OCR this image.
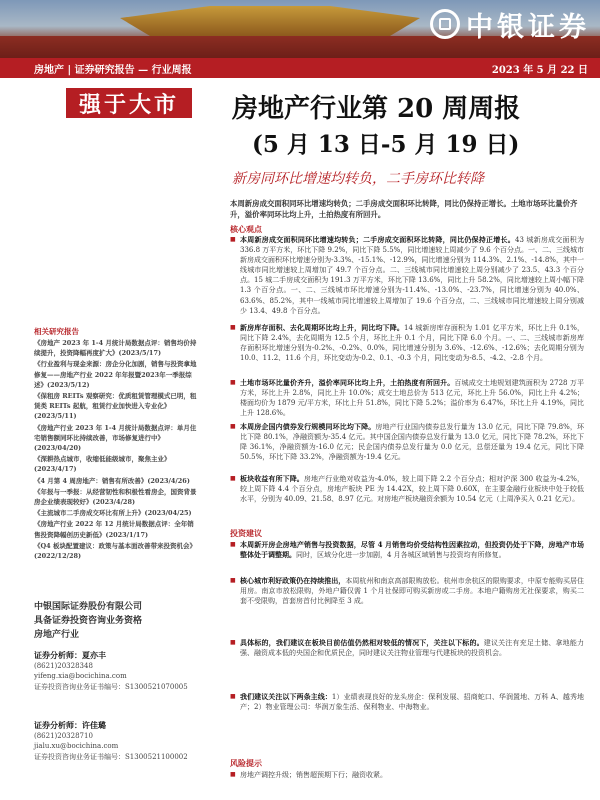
中银证券
房地产 | 证券研究报告 — 行业周报	2023 年 5 月 22 日
强于大市	房地产行业第 20 周周报
(5 月 13 日-5 月 19 日)
新房同环比增速均转负，二手房环比转降
本周新房成交面积同环比增速均转负；二手房成交面积环比转降，同比仍保持正增长。土地市场环比量价齐升，溢价率同环比均上升，土拍热度有所回升。
核心观点
■ 本周新房成交面积同环比增速均转负；二手房成交面积环比转降，同比仍保持正增长。43 城新房成交面积为 336.8 万平方米，环比下降 9.2%，同比下降 5.5%，同比增速较上周减少了 9.6 个百分点。一、二、三线城市新房成交面积环比增速分别为-3.3%、-15.1%、-12.9%，同比增速分别为 114.3%、2.1%、-14.8%，其中一线城市同比增速较上周增加了 49.7 个百分点。二、三线城市同比增速较上周分别减少了 23.5、43.3 个百分点。15 城二手房成交面积为 191.3 万平方米，环比下降 13.6%，同比上升 58.2%，同比增速较上周小幅下降 1.3 个百分点。一、二、三线城市环比增速分别为-11.4%、-13.0%、-23.7%，同比增速分别为 40.0%、63.6%、85.2%，其中一线城市同比增速较上周增加了 19.6 个百分点，二、三线城市同比增速较上周分别减少 13.4、49.8 个百分点。
■ 新房库存面积、去化周期环比均上升，同比均下降。14 城新房库存面积为 1.01 亿平方米，环比上升 0.1%，同比下降 2.4%，去化周期为 12.5 个月，环比上升 0.1 个月，同比下降 6.0 个月。一、二、三线城市新房库存面积环比增速分别为-0.2%、-0.2%、0.0%，同比增速分别为 3.6%、-12.6%、-12.6%；去化周期分别为 10.0、11.2、11.6 个月，环比变动为-0.2、0.1、-0.3 个月，同比变动为-8.5、-4.2、-2.8 个月。
■ 土地市场环比量价齐升，溢价率同环比均上升，土拍热度有所回升。百城成交土地规划建筑面积为 2728 万平方米，环比上升 2.8%，同比上升 10.0%；成交土地总价为 513 亿元，环比上升 56.0%，同比上升 4.2%；楼面均价为 1879 元/平方米，环比上升 51.8%，同比下降 5.2%；溢价率为 6.47%，环比上升 4.19%，同比上升 128.6%。
■ 本周房企国内债券发行规模同环比均下降。房地产行业国内债券总发行量为 13.0 亿元，同比下降 79.8%，环比下降 80.1%，净融资额为-35.4 亿元。其中国企国内债券总发行量为 13.0 亿元，同比下降 78.2%，环比下降 36.1%，净融资额为-16.0 亿元；民企国内债券总发行量为 0.0 亿元，总偿还量为 19.4 亿元，同比下降 50.5%，环比下降 33.2%，净融资额为-19.4 亿元。
■ 板块收益有所下降。房地产行业绝对收益为-4.0%，较上周下降 2.2 个百分点；相对沪深 300 收益为-4.2%，较上周下降 4.4 个百分点，房地产板块 PE 为 14.42X，较上周下降 0.60X，在主要金融行业板块中处于较低水平，分别为 40.09、21.58、8.97 亿元。对房地产板块融资余额为 10.54 亿元（上周净买入 0.21 亿元）。
投资建议
■ 本周新开房企房地产销售与投资数据，尽管 4 月销售均价受结构性因素拉动，但投资仍处于下降，房地产市场整体处于调整期。同时，区域分化进一步加剧，4 月各城区域销售与投资均有所修复。
■ 核心城市利好政策仍在持续推出，本周杭州和南京高部限购放松。杭州市余杭区的限购要求，中原专能购买居住用房。南京市放松限购，外地户籍仅需 1 个月社保即可购买新房或二手房。本地户籍购房无社保要求，购买二套不受限购，首套房首付比例降至 3 成。
■ 具体标的，我们建议在板块目前估值仍然相对较低的情况下，关注以下标的。建议关注有充足土储、拿地能力强、融资成本低的央国企和优质民企，同时建议关注物业管理与代建板块的投资机会。
■ 我们建议关注以下两条主线：1）业绩表现良好的龙头房企：保利发展、招商蛇口、华润置地、万科 A、越秀地产；2）物业管理公司：华润万象生活、保利物业、中海物业。
风险提示
■ 房地产调控升级；销售超预期下行；融资收紧。
相关研究报告
《房地产 2023 年 1-4 月统计局数据点评：销售均价持续提升，投资降幅再度扩大》(2023/5/17)
《行业盈利与现金来源：房企分化加剧，销售与投资拿地修复——房地产行业 2022 年年报暨2023年一季报综述》(2023/5/12)
《保租房 REITs 观察研究：优质租赁管理模式已明，租赁类 REITs 起航，租赁行业加快进入专业化》(2023/5/11)
《房地产行业 2023 年 1-4 月统计局数据点评：单月住宅销售额同环比持续改善，市场修复进行中》(2023/04/20)
《深耕热点城市，收缩低能级城市，聚焦主业》(2023/4/17)
《4 月第 4 周房地产：销售有所改善》(2023/4/26)
《年报与一季报：从经营韧性和积极性看房企，国资背景房企业绩表现较好》(2023/4/28)
《主流城市二手房成交环比有所上升》(2023/04/25)
《房地产行业 2022 年 12 月统计局数据点评：全年销售投资降幅创历史新低》(2023/1/17)
《Q4 板块配置建议：政策与基本面改善带来投资机会》(2022/12/28)
中银国际证券股份有限公司
具备证券投资咨询业务资格
房地产行业
证券分析师：夏亦丰
(8621)20328348
yifeng.xia@bocichina.com
证券投资咨询业务证书编号：S1300521070005
证券分析师：许佳璐
(8621)20328710
jialu.xu@bocichina.com
证券投资咨询业务证书编号：S1300521100002
